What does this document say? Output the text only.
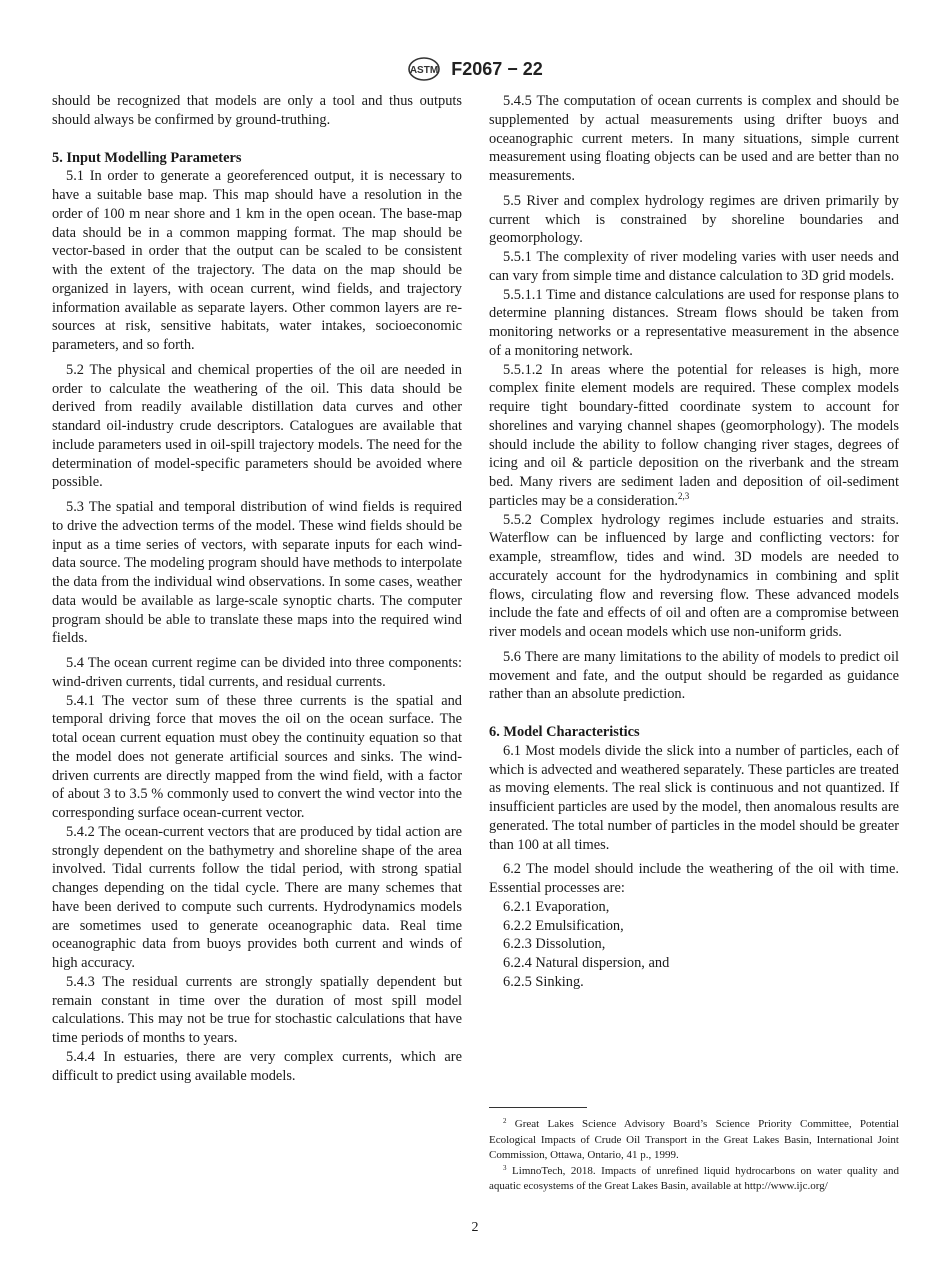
ASTM F2067 − 22

should be recognized that models are only a tool and thus outputs should always be confirmed by ground-truthing.

5. Input Modelling Parameters

5.1 In order to generate a georeferenced output, it is necessary to have a suitable base map. This map should have a resolution in the order of 100 m near shore and 1 km in the open ocean. The base-map data should be in a common mapping format. The map should be vector-based in order that the output can be scaled to be consistent with the extent of the trajectory. The data on the map should be organized in layers, with ocean current, wind fields, and trajectory information available as separate layers. Other common layers are resources at risk, sensitive habitats, water intakes, socioeconomic parameters, and so forth.

5.2 The physical and chemical properties of the oil are needed in order to calculate the weathering of the oil. This data should be derived from readily available distillation data curves and other standard oil-industry crude descriptors. Catalogues are available that include parameters used in oil-spill trajectory models. The need for the determination of model-specific parameters should be avoided where possible.

5.3 The spatial and temporal distribution of wind fields is required to drive the advection terms of the model. These wind fields should be input as a time series of vectors, with separate inputs for each wind-data source. The modeling program should have methods to interpolate the data from the individual wind observations. In some cases, weather data would be available as large-scale synoptic charts. The computer program should be able to translate these maps into the required wind fields.

5.4 The ocean current regime can be divided into three components: wind-driven currents, tidal currents, and residual currents.

5.4.1 The vector sum of these three currents is the spatial and temporal driving force that moves the oil on the ocean surface. The total ocean current equation must obey the continuity equation so that the model does not generate artificial sources and sinks. The wind-driven currents are directly mapped from the wind field, with a factor of about 3 to 3.5 % commonly used to convert the wind vector into the corresponding surface ocean-current vector.

5.4.2 The ocean-current vectors that are produced by tidal action are strongly dependent on the bathymetry and shoreline shape of the area involved. Tidal currents follow the tidal period, with strong spatial changes depending on the tidal cycle. There are many schemes that have been derived to compute such currents. Hydrodynamics models are sometimes used to generate oceanographic data. Real time oceanographic data from buoys provides both current and winds of high accuracy.

5.4.3 The residual currents are strongly spatially dependent but remain constant in time over the duration of most spill model calculations. This may not be true for stochastic calculations that have time periods of months to years.

5.4.4 In estuaries, there are very complex currents, which are difficult to predict using available models.

5.4.5 The computation of ocean currents is complex and should be supplemented by actual measurements using drifter buoys and oceanographic current meters. In many situations, simple current measurement using floating objects can be used and are better than no measurements.

5.5 River and complex hydrology regimes are driven primarily by current which is constrained by shoreline boundaries and geomorphology.

5.5.1 The complexity of river modeling varies with user needs and can vary from simple time and distance calculation to 3D grid models.

5.5.1.1 Time and distance calculations are used for response plans to determine planning distances. Stream flows should be taken from monitoring networks or a representative measurement in the absence of a monitoring network.

5.5.1.2 In areas where the potential for releases is high, more complex finite element models are required. These complex models require tight boundary-fitted coordinate system to account for shorelines and varying channel shapes (geomorphology). The models should include the ability to follow changing river stages, degrees of icing and oil & particle deposition on the riverbank and the stream bed. Many rivers are sediment laden and deposition of oil-sediment particles may be a consideration.$^{2,3}$

5.5.2 Complex hydrology regimes include estuaries and straits. Waterflow can be influenced by large and conflicting vectors: for example, streamflow, tides and wind. 3D models are needed to accurately account for the hydrodynamics in combining and split flows, circulating flow and reversing flow. These advanced models include the fate and effects of oil and often are a compromise between river models and ocean models which use non-uniform grids.

5.6 There are many limitations to the ability of models to predict oil movement and fate, and the output should be regarded as guidance rather than an absolute prediction.

6. Model Characteristics

6.1 Most models divide the slick into a number of particles, each of which is advected and weathered separately. These particles are treated as moving elements. The real slick is continuous and not quantized. If insufficient particles are used by the model, then anomalous results are generated. The total number of particles in the model should be greater than 100 at all times.

6.2 The model should include the weathering of the oil with time. Essential processes are:

6.2.1 Evaporation,

6.2.2 Emulsification,

6.2.3 Dissolution,

6.2.4 Natural dispersion, and

6.2.5 Sinking.

$^2$ Great Lakes Science Advisory Board’s Science Priority Committee, Potential Ecological Impacts of Crude Oil Transport in the Great Lakes Basin, International Joint Commission, Ottawa, Ontario, 41 p., 1999.

$^3$ LimnoTech, 2018. Impacts of unrefined liquid hydrocarbons on water quality and aquatic ecosystems of the Great Lakes Basin, available at http://www.ijc.org/

2
